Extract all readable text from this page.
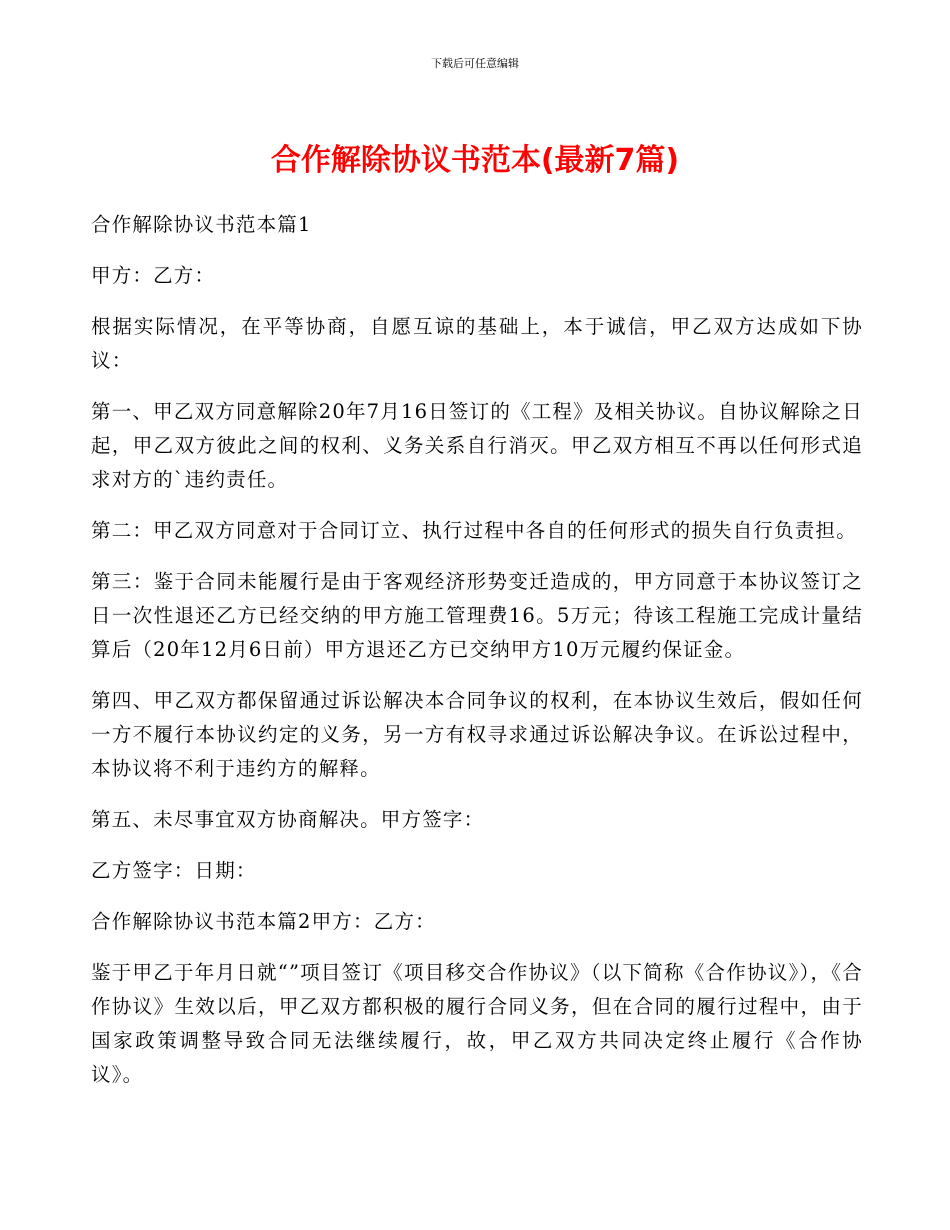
下载后可任意编辑
合作解除协议书范本(最新7篇)

合作解除协议书范本篇1

甲方：乙方：

根据实际情况，在平等协商，自愿互谅的基础上，本于诚信，甲乙双方达成如下协议：

第一、甲乙双方同意解除20年7月16日签订的《工程》及相关协议。自协议解除之日起，甲乙双方彼此之间的权利、义务关系自行消灭。甲乙双方相互不再以任何形式追求对方的`违约责任。

第二：甲乙双方同意对于合同订立、执行过程中各自的任何形式的损失自行负责担。

第三：鉴于合同未能履行是由于客观经济形势变迁造成的，甲方同意于本协议签订之日一次性退还乙方已经交纳的甲方施工管理费16。5万元；待该工程施工完成计量结算后（20年12月6日前）甲方退还乙方已交纳甲方10万元履约保证金。

第四、甲乙双方都保留通过诉讼解决本合同争议的权利，在本协议生效后，假如任何一方不履行本协议约定的义务，另一方有权寻求通过诉讼解决争议。在诉讼过程中，本协议将不利于违约方的解释。

第五、未尽事宜双方协商解决。甲方签字：

乙方签字：日期：

合作解除协议书范本篇2甲方：乙方：

鉴于甲乙于年月日就“”项目签订《项目移交合作协议》（以下简称《合作协议》），《合作协议》生效以后，甲乙双方都积极的履行合同义务，但在合同的履行过程中，由于国家政策调整导致合同无法继续履行，故，甲乙双方共同决定终止履行《合作协议》。
